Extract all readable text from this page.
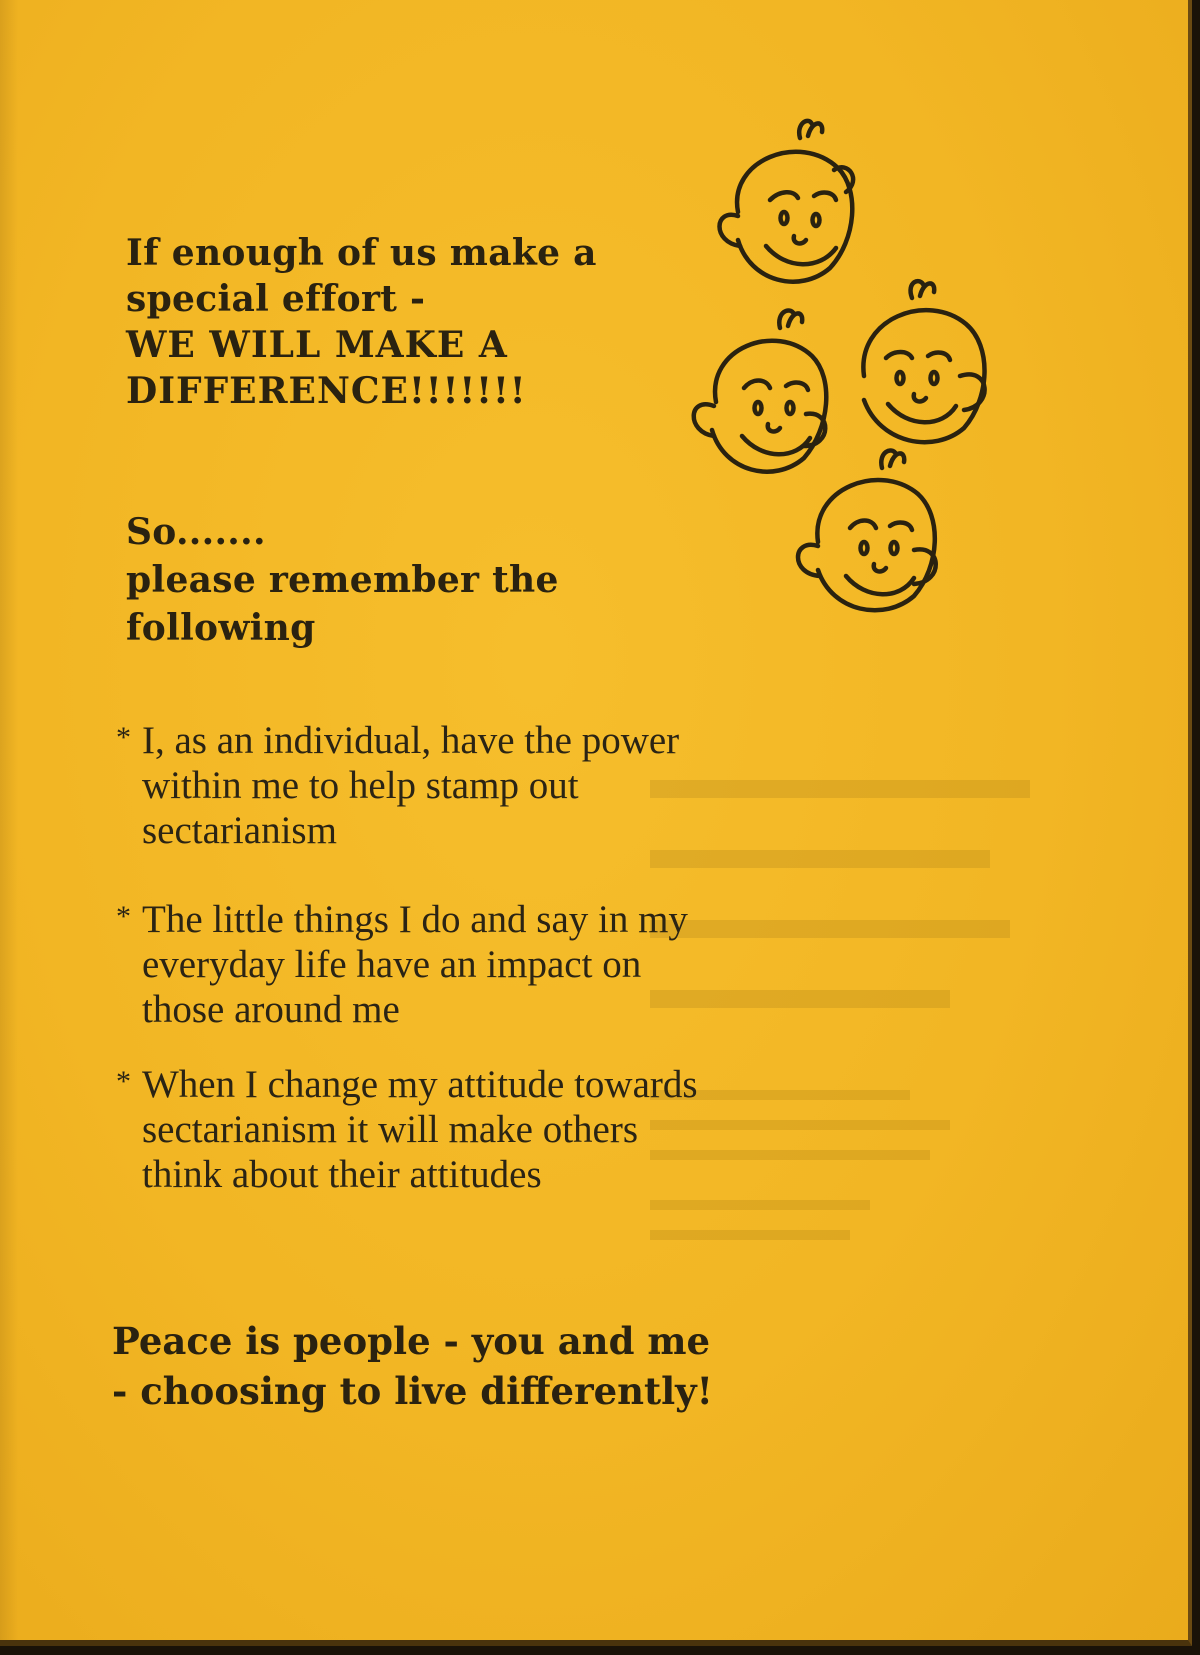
If enough of us make a
special effort -
WE WILL MAKE A
DIFFERENCE!!!!!!!
So.......
please remember the
following
* I, as an individual, have the power
within me to help stamp out
sectarianism
* The little things I do and say in my
everyday life have an impact on
those around me
* When I change my attitude towards
sectarianism it will make others
think about their attitudes
Peace is people - you and me
- choosing to live differently!
